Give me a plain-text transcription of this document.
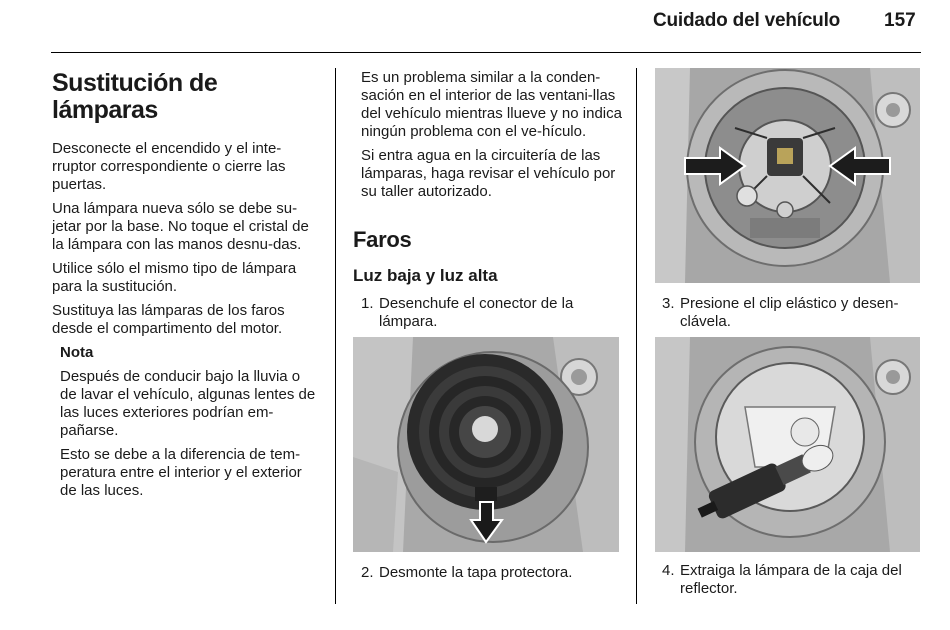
Cuidado del vehículo 157
Sustitución de
lámparas

Desconecte el encendido y el inte-rruptor correspondiente o cierre las puertas.

Una lámpara nueva sólo se debe su-jetar por la base. No toque el cristal de la lámpara con las manos desnu-das.

Utilice sólo el mismo tipo de lámpara para la sustitución.

Sustituya las lámparas de los faros desde el compartimento del motor.

Nota

Después de conducir bajo la lluvia o de lavar el vehículo, algunas lentes de las luces exteriores podrían em-pañarse.

Esto se debe a la diferencia de tem-peratura entre el interior y el exterior de las luces.

Es un problema similar a la conden-sación en el interior de las ventani-llas del vehículo mientras llueve y no indica ningún problema con el ve-hículo.

Si entra agua en la circuitería de las lámparas, haga revisar el vehículo por su taller autorizado.

Faros
Luz baja y luz alta
1. Desenchufe el conector de la lámpara.
2. Desmonte la tapa protectora.
3. Presione el clip elástico y desen-clávela.
4. Extraiga la lámpara de la caja del reflector.
